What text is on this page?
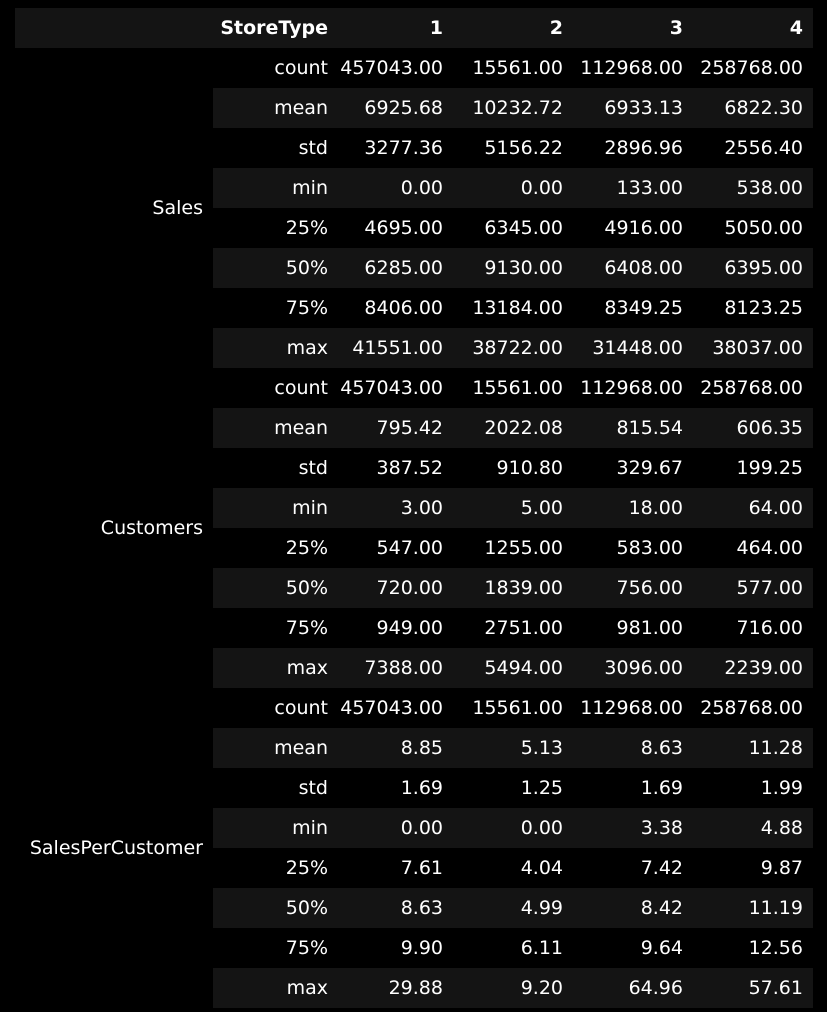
	StoreType	1	2	3	4
Sales	count	457043.00	15561.00	112968.00	258768.00
	mean	6925.68	10232.72	6933.13	6822.30
	std	3277.36	5156.22	2896.96	2556.40
	min	0.00	0.00	133.00	538.00
	25%	4695.00	6345.00	4916.00	5050.00
	50%	6285.00	9130.00	6408.00	6395.00
	75%	8406.00	13184.00	8349.25	8123.25
	max	41551.00	38722.00	31448.00	38037.00
Customers	count	457043.00	15561.00	112968.00	258768.00
	mean	795.42	2022.08	815.54	606.35
	std	387.52	910.80	329.67	199.25
	min	3.00	5.00	18.00	64.00
	25%	547.00	1255.00	583.00	464.00
	50%	720.00	1839.00	756.00	577.00
	75%	949.00	2751.00	981.00	716.00
	max	7388.00	5494.00	3096.00	2239.00
SalesPerCustomer	count	457043.00	15561.00	112968.00	258768.00
	mean	8.85	5.13	8.63	11.28
	std	1.69	1.25	1.69	1.99
	min	0.00	0.00	3.38	4.88
	25%	7.61	4.04	7.42	9.87
	50%	8.63	4.99	8.42	11.19
	75%	9.90	6.11	9.64	12.56
	max	29.88	9.20	64.96	57.61
